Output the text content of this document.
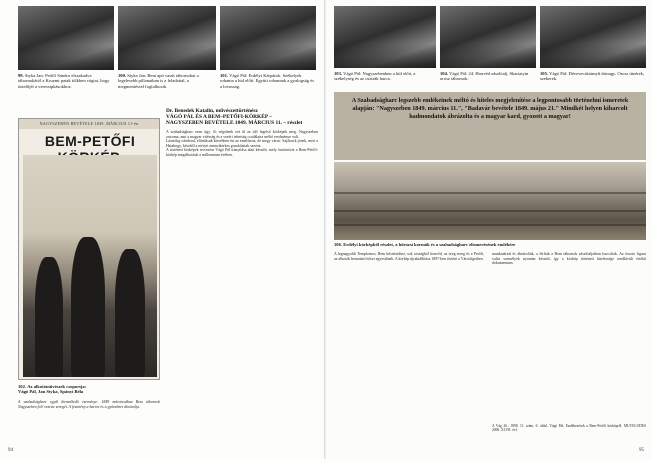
99. Styka Jan: Petőfi Sándor elszakadva tábornokától a Kruzmi patak tölkben vágtat, hogy tüzelőjét a veressipkásokhoz.
100. Styka Jan: Bem apó vasút tábornokai a legelesebb pillanatban is a feladattal, a megmentéssel foglalkozik.
101. Vágó Pál: Erdélyi Kárpátok. Székelyek rohama a hid előtt. Együtt rohannak a gyalogság és a lovasság.
NAGYSZEBEN BEVÉTELE 1849. MÁRCIUS 11-én
BEM-PETŐFI
102. Az alkotóművészek csoportja:
Vágó Pál, Jan Styka, Spányi Béla

A szabadságharc egyik kiemelkedő eseménye: 1849 márciusában Bem tábornok Nagyszeben felé vezette seregét. A festmény a harcot és a győzelmet ábrázolja.

Dr. Benedek Katalin, művészettörténész
VÁGÓ PÁL ÉS A BEM–PETŐFI-KÖRKÉP –
NAGYSZEBEN BEVÉTELE 1849. MÁRCIUS 11. – részlet

A szabadságharc ezen ügy. Jó végsőnek reá ül az ülő legelső körképek meg. Nagyszeben ostroma, ami a magyar vitézség és a vezéri tehetség csodálatra méltó eredménye volt.

Lásztókg vándorul, előadásuk kiesebben fut az emelfaruz, de megy vársír. Sajátorrk jönek, mert a Hatabogy, készből a mívjet annavikerkes gondolatiak szerint.

A történeti körképek tervezése Vágó Pál irányítása alatt készült, mely ösztönözte a Bem-Petőfi-körkép megalkotását a millennium évében.

94
103. Vágó Pál: Nagyszebenben a híd előtt, a székelység és az osztrák harca.
104. Vágó Pál: 24. Honvéd zászlóalj. Skariatyin orosz tábornok.
105. Vágó Pál: Dévevecskönnyű drinagy. Orosz tüzérek, szekerek.
A Szabadságharc legszebb emlékeinek méltó és hiteles megjelenítése a legpontosabb történelmi ismeretek alapján: "Nagyszeben 1849. március 11.", "Badavár bevétele 1849. május 21." Mindkét helyen kiharcolt hadmondatok ábrázolta és a magyar kard, gyozott a magyar!
106. Erdélyi körképből részlet, a hőrozsi kormák és a szabadságharc elismerésének emlékére

A legnagyobb Templomos, Bem hőstetteihez, sok országból honvéd, az öreg sereg és a Petőfi, az alkotók bemutató hősei egyesülnek. A körkép újrakiállítása 1897-ben történt a Városligetben.

munkatársát és ábrázolták, a férfiak a Bem tábornok zászlóaljaiban harcoltak. Az összes figura valós személyek nyomán készült, így a körkép történeti hitelessége rendkívüli értékű dokumentum.

A Vág 26.: 1898. 11. szám, 6. oldal, Vágó Pál: Emlékezések a Bem-Petőfi körképről. MŰVELŐDÉS 2006. XLVII. évf.
95
